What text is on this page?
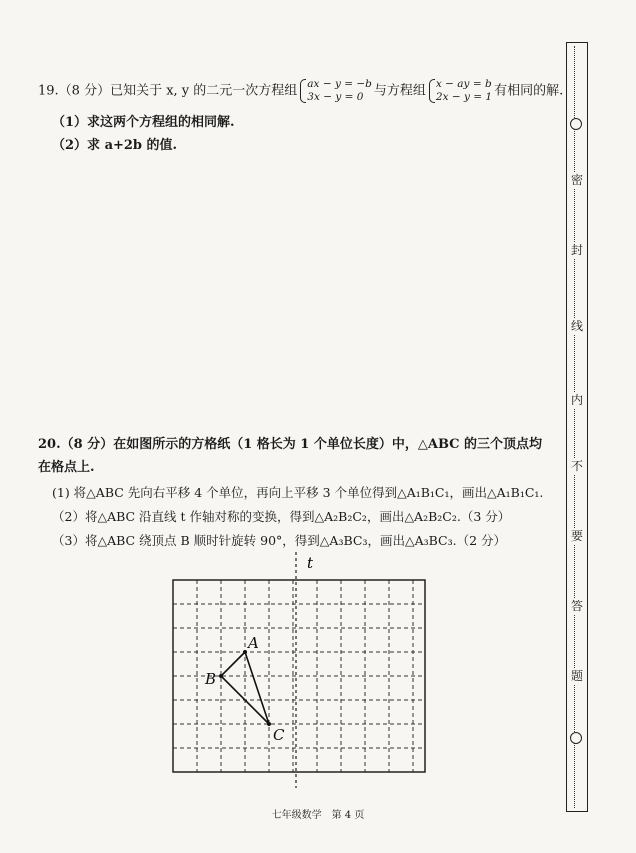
19.（8 分）已知关于 x, y 的二元一次方程组 ax − y = −b
3x − y = 0 与方程组 x − ay = b
2x − y = 1 有相同的解.
（1）求这两个方程组的相同解.
（2）求 a+2b 的值.
20.（8 分）在如图所示的方格纸（1 格长为 1 个单位长度）中，△ABC 的三个顶点均
在格点上.
(1) 将△ABC 先向右平移 4 个单位，再向上平移 3 个单位得到△A₁B₁C₁，画出△A₁B₁C₁.
（2）将△ABC 沿直线 t 作轴对称的变换，得到△A₂B₂C₂，画出△A₂B₂C₂.（3 分）
（3）将△ABC 绕顶点 B 顺时针旋转 90°，得到△A₃BC₃，画出△A₃BC₃.（2 分）
t
A
B
C
密
封
线
内
不
要
答
题
七年级数学 第 4 页
